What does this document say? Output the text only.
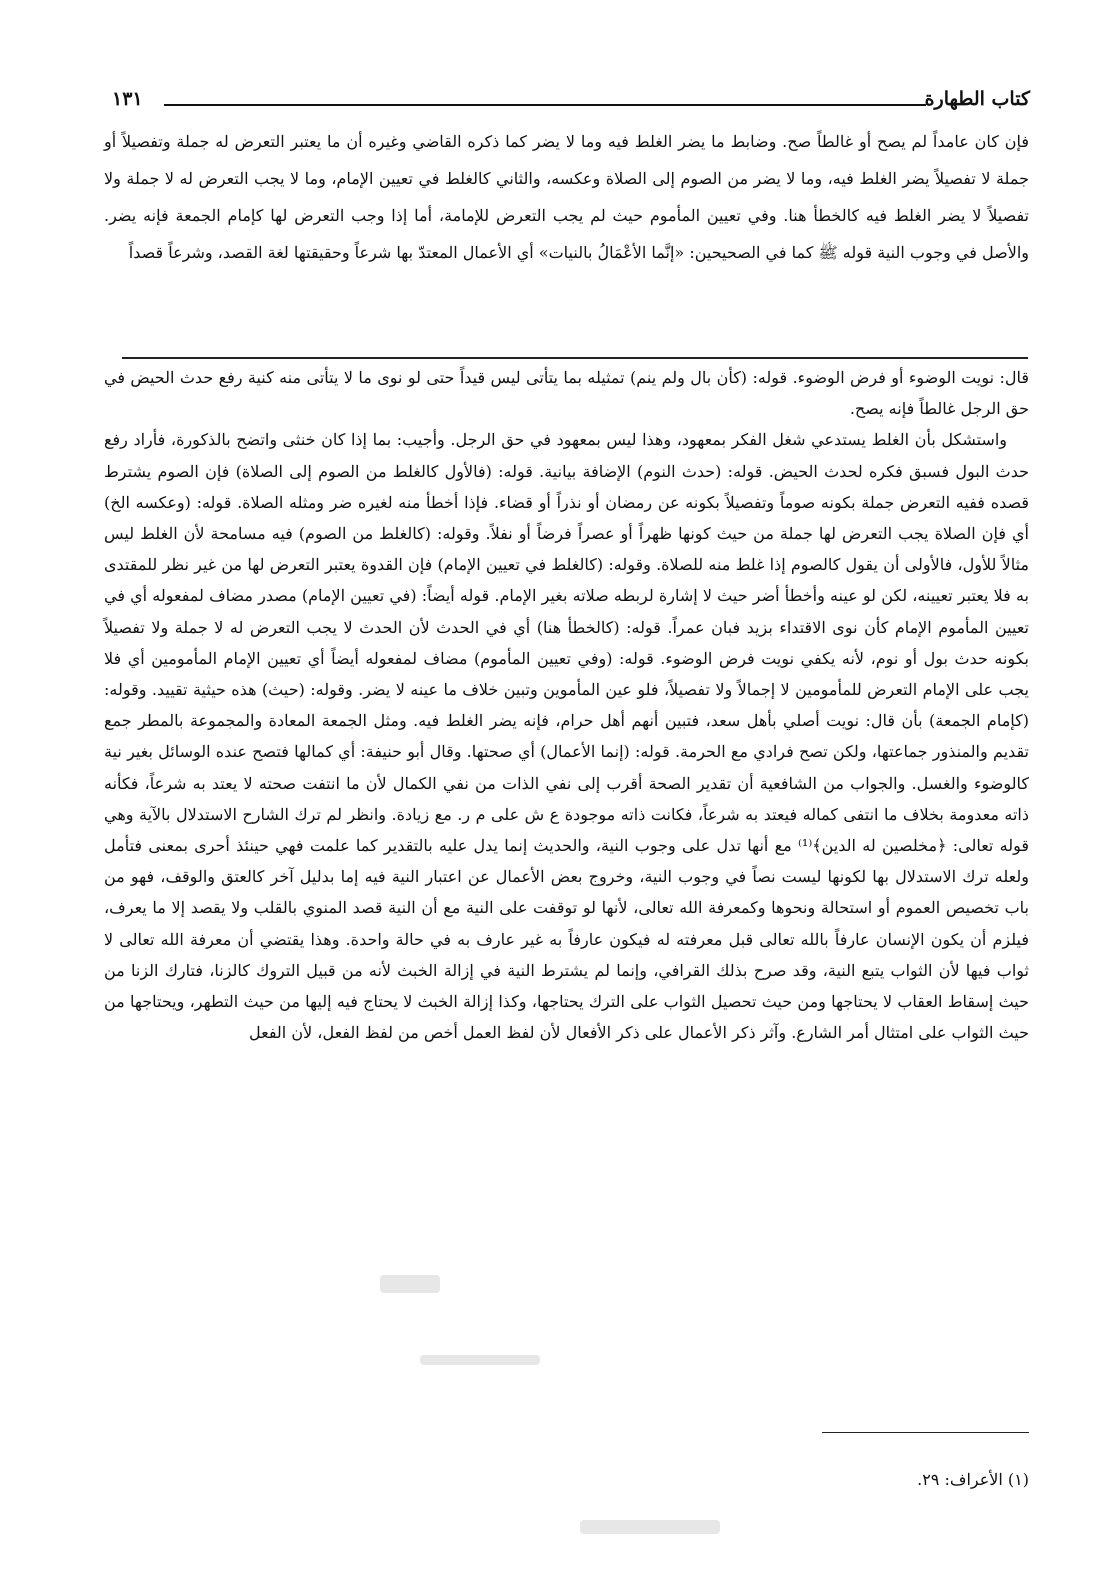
كتاب الطهارة
١٣١

فإن كان عامداً لم يصح أو غالطاً صح. وضابط ما يضر الغلط فيه وما لا يضر كما ذكره القاضي وغيره أن ما يعتبر التعرض له جملة وتفصيلاً أو جملة لا تفصيلاً يضر الغلط فيه، وما لا يضر من الصوم إلى الصلاة وعكسه، والثاني كالغلط في تعيين الإمام، وما لا يجب التعرض له لا جملة ولا تفصيلاً لا يضر الغلط فيه كالخطأ هنا. وفي تعيين المأموم حيث لم يجب التعرض للإمامة، أما إذا وجب التعرض لها كإمام الجمعة فإنه يضر. والأصل في وجوب النية قوله ﷺ كما في الصحيحين: «إنَّما الأعْمَالُ بالنيات» أي الأعمال المعتدّ بها شرعاً وحقيقتها لغة القصد، وشرعاً قصداً

قال: نويت الوضوء أو فرض الوضوء. قوله: (كأن بال ولم ينم) تمثيله بما يتأتى ليس قيداً حتى لو نوى ما لا يتأتى منه كنية رفع حدث الحيض في حق الرجل غالطاً فإنه يصح.

واستشكل بأن الغلط يستدعي شغل الفكر بمعهود، وهذا ليس بمعهود في حق الرجل. وأجيب: بما إذا كان خنثى واتضح بالذكورة، فأراد رفع حدث البول فسبق فكره لحدث الحيض. قوله: (حدث النوم) الإضافة بيانية. قوله: (فالأول كالغلط من الصوم إلى الصلاة) فإن الصوم يشترط قصده ففيه التعرض جملة بكونه صوماً وتفصيلاً بكونه عن رمضان أو نذراً أو قضاء. فإذا أخطأ منه لغيره ضر ومثله الصلاة. قوله: (وعكسه الخ) أي فإن الصلاة يجب التعرض لها جملة من حيث كونها ظهراً أو عصراً فرضاً أو نفلاً. وقوله: (كالغلط من الصوم) فيه مسامحة لأن الغلط ليس مثالاً للأول، فالأولى أن يقول كالصوم إذا غلط منه للصلاة. وقوله: (كالغلط في تعيين الإمام) فإن القدوة يعتبر التعرض لها من غير نظر للمقتدى به فلا يعتبر تعيينه، لكن لو عينه وأخطأ أضر حيث لا إشارة لربطه صلاته بغير الإمام. قوله أيضاً: (في تعيين الإمام) مصدر مضاف لمفعوله أي في تعيين المأموم الإمام كأن نوى الاقتداء بزيد فبان عمراً. قوله: (كالخطأ هنا) أي في الحدث لأن الحدث لا يجب التعرض له لا جملة ولا تفصيلاً بكونه حدث بول أو نوم، لأنه يكفي نويت فرض الوضوء. قوله: (وفي تعيين المأموم) مضاف لمفعوله أيضاً أي تعيين الإمام المأمومين أي فلا يجب على الإمام التعرض للمأمومين لا إجمالاً ولا تفصيلاً، فلو عين المأموين وتبين خلاف ما عينه لا يضر. وقوله: (حيث) هذه حيثية تقييد. وقوله: (كإمام الجمعة) بأن قال: نويت أصلي بأهل سعد، فتبين أنهم أهل حرام، فإنه يضر الغلط فيه. ومثل الجمعة المعادة والمجموعة بالمطر جمع تقديم والمنذور جماعتها، ولكن تصح فرادي مع الحرمة. قوله: (إنما الأعمال) أي صحتها. وقال أبو حنيفة: أي كمالها فتصح عنده الوسائل بغير نية كالوضوء والغسل. والجواب من الشافعية أن تقدير الصحة أقرب إلى نفي الذات من نفي الكمال لأن ما انتفت صحته لا يعتد به شرعاً، فكأنه ذاته معدومة بخلاف ما انتفى كماله فيعتد به شرعاً، فكانت ذاته موجودة ع ش على م ر. مع زيادة. وانظر لم ترك الشارح الاستدلال بالآية وهي قوله تعالى: ﴿مخلصين له الدين﴾⁽¹⁾ مع أنها تدل على وجوب النية، والحديث إنما يدل عليه بالتقدير كما علمت فهي حينئذ أحرى بمعنى فتأمل ولعله ترك الاستدلال بها لكونها ليست نصاً في وجوب النية، وخروج بعض الأعمال عن اعتبار النية فيه إما بدليل آخر كالعتق والوقف، فهو من باب تخصيص العموم أو استحالة ونحوها وكمعرفة الله تعالى، لأنها لو توقفت على النية مع أن النية قصد المنوي بالقلب ولا يقصد إلا ما يعرف، فيلزم أن يكون الإنسان عارفاً بالله تعالى قبل معرفته له فيكون عارفاً به غير عارف به في حالة واحدة. وهذا يقتضي أن معرفة الله تعالى لا ثواب فيها لأن الثواب يتبع النية، وقد صرح بذلك القرافي، وإنما لم يشترط النية في إزالة الخبث لأنه من قبيل التروك كالزنا، فتارك الزنا من حيث إسقاط العقاب لا يحتاجها ومن حيث تحصيل الثواب على الترك يحتاجها، وكذا إزالة الخبث لا يحتاج فيه إليها من حيث التطهر، ويحتاجها من حيث الثواب على امتثال أمر الشارع. وآثر ذكر الأعمال على ذكر الأفعال لأن لفظ العمل أخص من لفظ الفعل، لأن الفعل

(١) الأعراف: ٢٩.
